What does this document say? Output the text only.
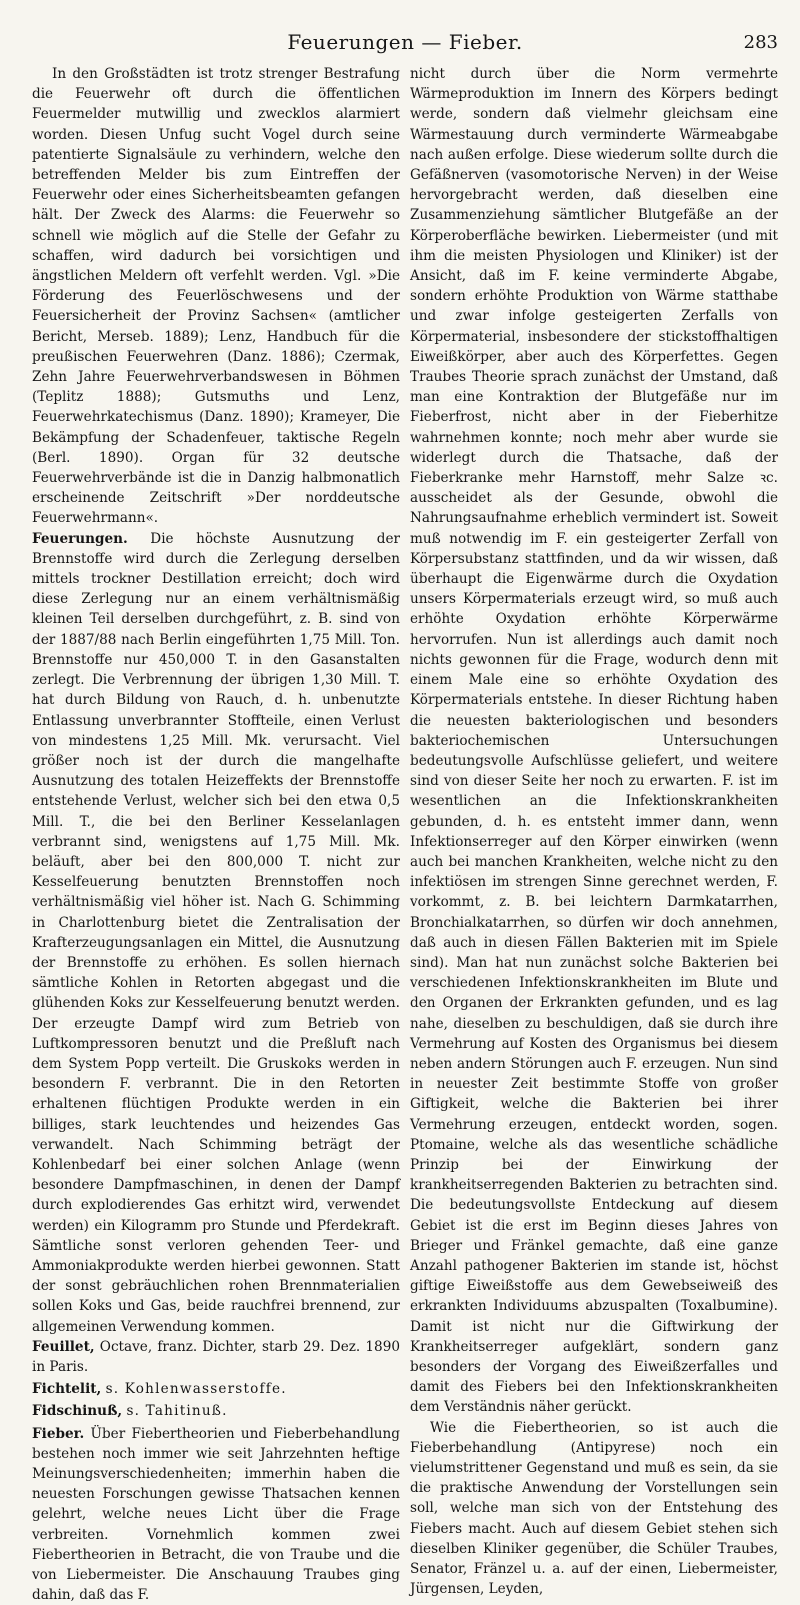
Feuerungen — Fieber.	283

In den Großstädten ist trotz strenger Bestrafung die Feuerwehr oft durch die öffentlichen Feuermelder mutwillig und zwecklos alarmiert worden. Diesen Unfug sucht Vogel durch seine patentierte Signalsäule zu verhindern, welche den betreffenden Melder bis zum Eintreffen der Feuerwehr oder eines Sicherheitsbeamten gefangen hält. Der Zweck des Alarms: die Feuerwehr so schnell wie möglich auf die Stelle der Gefahr zu schaffen, wird dadurch bei vorsichtigen und ängstlichen Meldern oft verfehlt werden. Vgl. »Die Förderung des Feuerlöschwesens und der Feuersicherheit der Provinz Sachsen« (amtlicher Bericht, Merseb. 1889); Lenz, Handbuch für die preußischen Feuerwehren (Danz. 1886); Czermak, Zehn Jahre Feuerwehrverbandswesen in Böhmen (Teplitz 1888); Gutsmuths und Lenz, Feuerwehrkatechismus (Danz. 1890); Krameyer, Die Bekämpfung der Schadenfeuer, taktische Regeln (Berl. 1890). Organ für 32 deutsche Feuerwehrverbände ist die in Danzig halbmonatlich erscheinende Zeitschrift »Der norddeutsche Feuerwehrmann«.

Feuerungen. Die höchste Ausnutzung der Brennstoffe wird durch die Zerlegung derselben mittels trockner Destillation erreicht; doch wird diese Zerlegung nur an einem verhältnismäßig kleinen Teil derselben durchgeführt, z. B. sind von der 1887/88 nach Berlin eingeführten 1,75 Mill. Ton. Brennstoffe nur 450,000 T. in den Gasanstalten zerlegt. Die Verbrennung der übrigen 1,30 Mill. T. hat durch Bildung von Rauch, d. h. unbenutzte Entlassung unverbrannter Stoffteile, einen Verlust von mindestens 1,25 Mill. Mk. verursacht. Viel größer noch ist der durch die mangelhafte Ausnutzung des totalen Heizeffekts der Brennstoffe entstehende Verlust, welcher sich bei den etwa 0,5 Mill. T., die bei den Berliner Kesselanlagen verbrannt sind, wenigstens auf 1,75 Mill. Mk. beläuft, aber bei den 800,000 T. nicht zur Kesselfeuerung benutzten Brennstoffen noch verhältnismäßig viel höher ist. Nach G. Schimming in Charlottenburg bietet die Zentralisation der Krafterzeugungsanlagen ein Mittel, die Ausnutzung der Brennstoffe zu erhöhen. Es sollen hiernach sämtliche Kohlen in Retorten abgegast und die glühenden Koks zur Kesselfeuerung benutzt werden. Der erzeugte Dampf wird zum Betrieb von Luftkompressoren benutzt und die Preßluft nach dem System Popp verteilt. Die Gruskoks werden in besondern F. verbrannt. Die in den Retorten erhaltenen flüchtigen Produkte werden in ein billiges, stark leuchtendes und heizendes Gas verwandelt. Nach Schimming beträgt der Kohlenbedarf bei einer solchen Anlage (wenn besondere Dampfmaschinen, in denen der Dampf durch explodierendes Gas erhitzt wird, verwendet werden) ein Kilogramm pro Stunde und Pferdekraft. Sämtliche sonst verloren gehenden Teer- und Ammoniakprodukte werden hierbei gewonnen. Statt der sonst gebräuchlichen rohen Brennmaterialien sollen Koks und Gas, beide rauchfrei brennend, zur allgemeinen Verwendung kommen.

Feuillet, Octave, franz. Dichter, starb 29. Dez. 1890 in Paris.

Fichtelit, s. Kohlenwasserstoffe.

Fidschinuß, s. Tahitinuß.

Fieber. Über Fiebertheorien und Fieberbehandlung bestehen noch immer wie seit Jahrzehnten heftige Meinungsverschiedenheiten; immerhin haben die neuesten Forschungen gewisse Thatsachen kennen gelehrt, welche neues Licht über die Frage verbreiten. Vornehmlich kommen zwei Fiebertheorien in Betracht, die von Traube und die von Liebermeister. Die Anschauung Traubes ging dahin, daß das F.

nicht durch über die Norm vermehrte Wärmeproduktion im Innern des Körpers bedingt werde, sondern daß vielmehr gleichsam eine Wärmestauung durch verminderte Wärmeabgabe nach außen erfolge. Diese wiederum sollte durch die Gefäßnerven (vasomotorische Nerven) in der Weise hervorgebracht werden, daß dieselben eine Zusammenziehung sämtlicher Blutgefäße an der Körperoberfläche bewirken. Liebermeister (und mit ihm die meisten Physiologen und Kliniker) ist der Ansicht, daß im F. keine verminderte Abgabe, sondern erhöhte Produktion von Wärme statthabe und zwar infolge gesteigerten Zerfalls von Körpermaterial, insbesondere der stickstoffhaltigen Eiweißkörper, aber auch des Körperfettes. Gegen Traubes Theorie sprach zunächst der Umstand, daß man eine Kontraktion der Blutgefäße nur im Fieberfrost, nicht aber in der Fieberhitze wahrnehmen konnte; noch mehr aber wurde sie widerlegt durch die Thatsache, daß der Fieberkranke mehr Harnstoff, mehr Salze ꝛc. ausscheidet als der Gesunde, obwohl die Nahrungsaufnahme erheblich vermindert ist. Soweit muß notwendig im F. ein gesteigerter Zerfall von Körpersubstanz stattfinden, und da wir wissen, daß überhaupt die Eigenwärme durch die Oxydation unsers Körpermaterials erzeugt wird, so muß auch erhöhte Oxydation erhöhte Körperwärme hervorrufen. Nun ist allerdings auch damit noch nichts gewonnen für die Frage, wodurch denn mit einem Male eine so erhöhte Oxydation des Körpermaterials entstehe. In dieser Richtung haben die neuesten bakteriologischen und besonders bakteriochemischen Untersuchungen bedeutungsvolle Aufschlüsse geliefert, und weitere sind von dieser Seite her noch zu erwarten. F. ist im wesentlichen an die Infektionskrankheiten gebunden, d. h. es entsteht immer dann, wenn Infektionserreger auf den Körper einwirken (wenn auch bei manchen Krankheiten, welche nicht zu den infektiösen im strengen Sinne gerechnet werden, F. vorkommt, z. B. bei leichtern Darmkatarrhen, Bronchialkatarrhen, so dürfen wir doch annehmen, daß auch in diesen Fällen Bakterien mit im Spiele sind). Man hat nun zunächst solche Bakterien bei verschiedenen Infektionskrankheiten im Blute und den Organen der Erkrankten gefunden, und es lag nahe, dieselben zu beschuldigen, daß sie durch ihre Vermehrung auf Kosten des Organismus bei diesem neben andern Störungen auch F. erzeugen. Nun sind in neuester Zeit bestimmte Stoffe von großer Giftigkeit, welche die Bakterien bei ihrer Vermehrung erzeugen, entdeckt worden, sogen. Ptomaine, welche als das wesentliche schädliche Prinzip bei der Einwirkung der krankheitserregenden Bakterien zu betrachten sind. Die bedeutungsvollste Entdeckung auf diesem Gebiet ist die erst im Beginn dieses Jahres von Brieger und Fränkel gemachte, daß eine ganze Anzahl pathogener Bakterien im stande ist, höchst giftige Eiweißstoffe aus dem Gewebseiweiß des erkrankten Individuums abzuspalten (Toxalbumine). Damit ist nicht nur die Giftwirkung der Krankheitserreger aufgeklärt, sondern ganz besonders der Vorgang des Eiweißzerfalles und damit des Fiebers bei den Infektionskrankheiten dem Verständnis näher gerückt.

Wie die Fiebertheorien, so ist auch die Fieberbehandlung (Antipyrese) noch ein vielumstrittener Gegenstand und muß es sein, da sie die praktische Anwendung der Vorstellungen sein soll, welche man sich von der Entstehung des Fiebers macht. Auch auf diesem Gebiet stehen sich dieselben Kliniker gegenüber, die Schüler Traubes, Senator, Fränzel u. a. auf der einen, Liebermeister, Jürgensen, Leyden,
